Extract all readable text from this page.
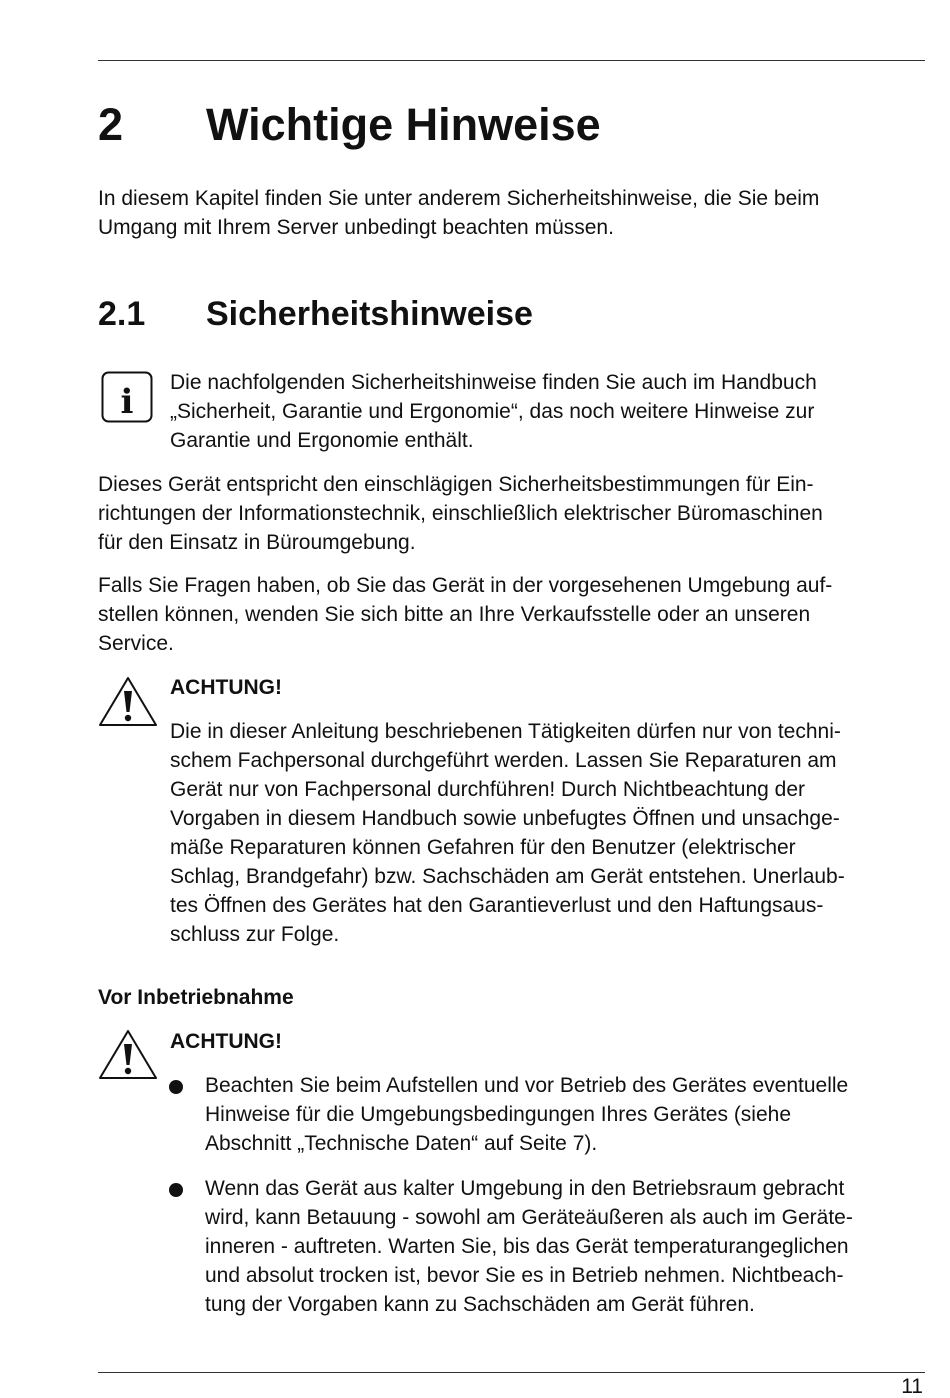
2 Wichtige Hinweise
In diesem Kapitel finden Sie unter anderem Sicherheitshinweise, die Sie beim
Umgang mit Ihrem Server unbedingt beachten müssen.
2.1 Sicherheitshinweise
i Die nachfolgenden Sicherheitshinweise finden Sie auch im Handbuch
„Sicherheit, Garantie und Ergonomie“, das noch weitere Hinweise zur
Garantie und Ergonomie enthält.
Dieses Gerät entspricht den einschlägigen Sicherheitsbestimmungen für Ein-
richtungen der Informationstechnik, einschließlich elektrischer Büromaschinen
für den Einsatz in Büroumgebung.
Falls Sie Fragen haben, ob Sie das Gerät in der vorgesehenen Umgebung auf-
stellen können, wenden Sie sich bitte an Ihre Verkaufsstelle oder an unseren
Service.
ACHTUNG!
Die in dieser Anleitung beschriebenen Tätigkeiten dürfen nur von techni-
schem Fachpersonal durchgeführt werden. Lassen Sie Reparaturen am
Gerät nur von Fachpersonal durchführen! Durch Nichtbeachtung der
Vorgaben in diesem Handbuch sowie unbefugtes Öffnen und unsachge-
mäße Reparaturen können Gefahren für den Benutzer (elektrischer
Schlag, Brandgefahr) bzw. Sachschäden am Gerät entstehen. Unerlaub-
tes Öffnen des Gerätes hat den Garantieverlust und den Haftungsaus-
schluss zur Folge.
Vor Inbetriebnahme
ACHTUNG!
Beachten Sie beim Aufstellen und vor Betrieb des Gerätes eventuelle
Hinweise für die Umgebungsbedingungen Ihres Gerätes (siehe
Abschnitt „Technische Daten“ auf Seite 7).
Wenn das Gerät aus kalter Umgebung in den Betriebsraum gebracht
wird, kann Betauung - sowohl am Geräteäußeren als auch im Geräte-
inneren - auftreten. Warten Sie, bis das Gerät temperaturangeglichen
und absolut trocken ist, bevor Sie es in Betrieb nehmen. Nichtbeach-
tung der Vorgaben kann zu Sachschäden am Gerät führen.
11
